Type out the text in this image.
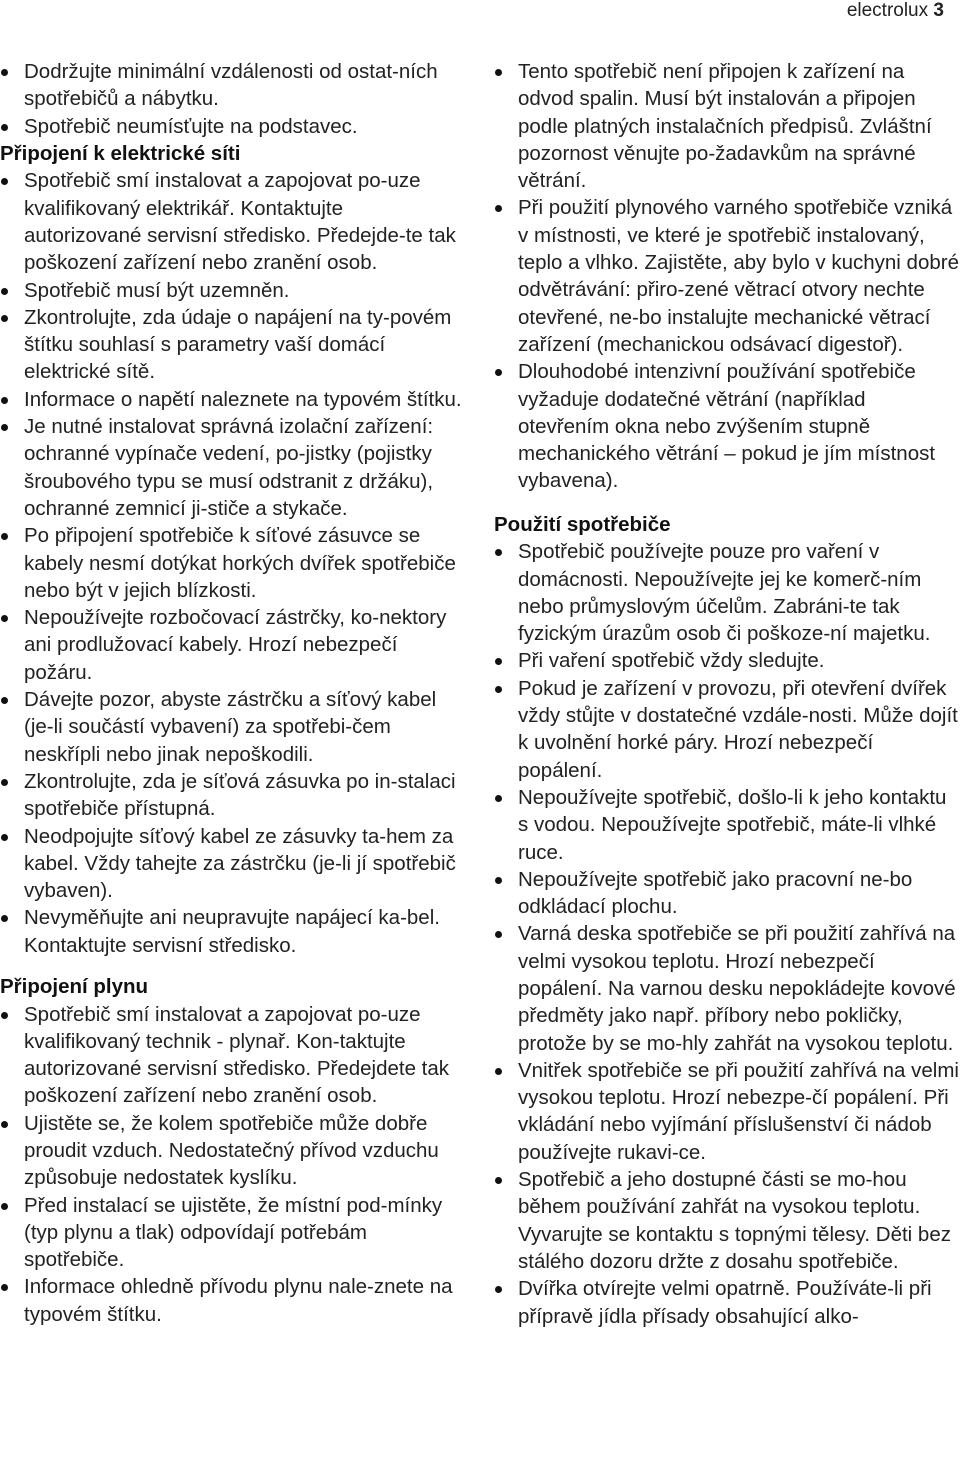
electrolux 3
Dodržujte minimální vzdálenosti od ostat-ních spotřebičů a nábytku.
Spotřebič neumísťujte na podstavec.
Připojení k elektrické síti
Spotřebič smí instalovat a zapojovat po-uze kvalifikovaný elektrikář. Kontaktujte autorizované servisní středisko. Předejde-te tak poškození zařízení nebo zranění osob.
Spotřebič musí být uzemněn.
Zkontrolujte, zda údaje o napájení na ty-povém štítku souhlasí s parametry vaší domácí elektrické sítě.
Informace o napětí naleznete na typovém štítku.
Je nutné instalovat správná izolační zařízení: ochranné vypínače vedení, po-jistky (pojistky šroubového typu se musí odstranit z držáku), ochranné zemnicí ji-stiče a stykače.
Po připojení spotřebiče k síťové zásuvce se kabely nesmí dotýkat horkých dvířek spotřebiče nebo být v jejich blízkosti.
Nepoužívejte rozbočovací zástrčky, ko-nektory ani prodlužovací kabely. Hrozí nebezpečí požáru.
Dávejte pozor, abyste zástrčku a síťový kabel (je-li součástí vybavení) za spotřebi-čem neskřípli nebo jinak nepoškodili.
Zkontrolujte, zda je síťová zásuvka po in-stalaci spotřebiče přístupná.
Neodpojujte síťový kabel ze zásuvky ta-hem za kabel. Vždy tahejte za zástrčku (je-li jí spotřebič vybaven).
Nevyměňujte ani neupravujte napájecí ka-bel. Kontaktujte servisní středisko.
Připojení plynu
Spotřebič smí instalovat a zapojovat po-uze kvalifikovaný technik - plynař. Kon-taktujte autorizované servisní středisko. Předejdete tak poškození zařízení nebo zranění osob.
Ujistěte se, že kolem spotřebiče může dobře proudit vzduch. Nedostatečný přívod vzduchu způsobuje nedostatek kyslíku.
Před instalací se ujistěte, že místní pod-mínky (typ plynu a tlak) odpovídají potřebám spotřebiče.
Informace ohledně přívodu plynu nale-znete na typovém štítku.
Tento spotřebič není připojen k zařízení na odvod spalin. Musí být instalován a připojen podle platných instalačních předpisů. Zvláštní pozornost věnujte po-žadavkům na správné větrání.
Při použití plynového varného spotřebiče vzniká v místnosti, ve které je spotřebič instalovaný, teplo a vlhko. Zajistěte, aby bylo v kuchyni dobré odvětrávání: přiro-zené větrací otvory nechte otevřené, ne-bo instalujte mechanické větrací zařízení (mechanickou odsávací digestoř).
Dlouhodobé intenzivní používání spotřebiče vyžaduje dodatečné větrání (například otevřením okna nebo zvýšením stupně mechanického větrání – pokud je jím místnost vybavena).
Použití spotřebiče
Spotřebič používejte pouze pro vaření v domácnosti. Nepoužívejte jej ke komerč-ním nebo průmyslovým účelům. Zabráni-te tak fyzickým úrazům osob či poškoze-ní majetku.
Při vaření spotřebič vždy sledujte.
Pokud je zařízení v provozu, při otevření dvířek vždy stůjte v dostatečné vzdále-nosti. Může dojít k uvolnění horké páry. Hrozí nebezpečí popálení.
Nepoužívejte spotřebič, došlo-li k jeho kontaktu s vodou. Nepoužívejte spotřebič, máte-li vlhké ruce.
Nepoužívejte spotřebič jako pracovní ne-bo odkládací plochu.
Varná deska spotřebiče se při použití zahřívá na velmi vysokou teplotu. Hrozí nebezpečí popálení. Na varnou desku nepokládejte kovové předměty jako např. příbory nebo pokličky, protože by se mo-hly zahřát na vysokou teplotu.
Vnitřek spotřebiče se při použití zahřívá na velmi vysokou teplotu. Hrozí nebezpe-čí popálení. Při vkládání nebo vyjímání příslušenství či nádob používejte rukavi-ce.
Spotřebič a jeho dostupné části se mo-hou během používání zahřát na vysokou teplotu. Vyvarujte se kontaktu s topnými tělesy. Děti bez stálého dozoru držte z dosahu spotřebiče.
Dvířka otvírejte velmi opatrně. Používáte-li při přípravě jídla přísady obsahující alko-
